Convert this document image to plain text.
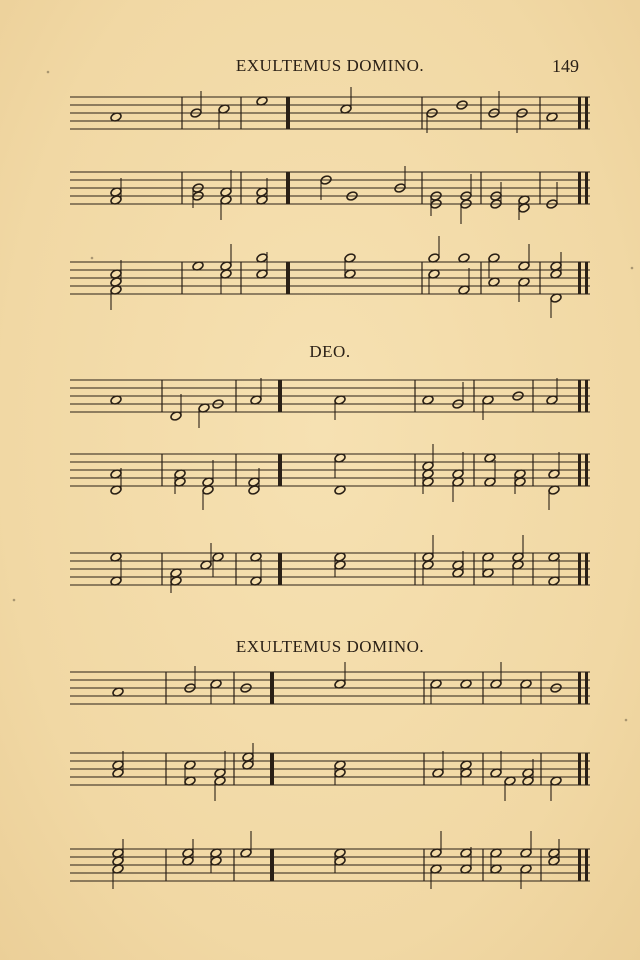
EXULTEMUS DOMINO.	149
DEO.
EXULTEMUS DOMINO.
